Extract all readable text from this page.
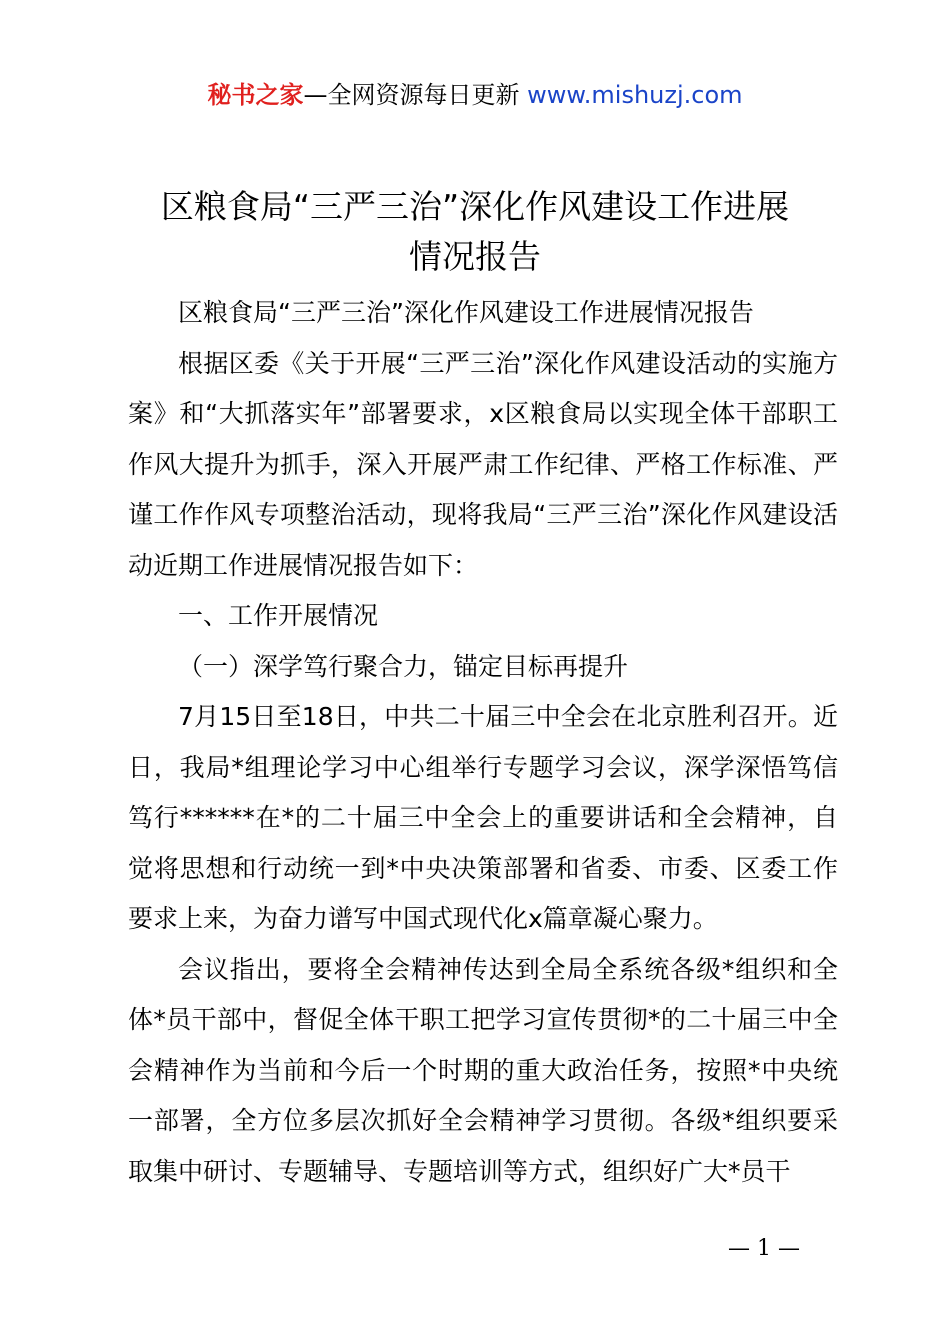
秘书之家—全网资源每日更新 www.mishuzj.com
区粮食局“三严三治”深化作风建设工作进展
情况报告

区粮食局“三严三治”深化作风建设工作进展情况报告

根据区委《关于开展“三严三治”深化作风建设活动的实施方案》和“大抓落实年”部署要求，x区粮食局以实现全体干部职工作风大提升为抓手，深入开展严肃工作纪律、严格工作标准、严谨工作作风专项整治活动，现将我局“三严三治”深化作风建设活动近期工作进展情况报告如下：

一、工作开展情况

（一）深学笃行聚合力，锚定目标再提升

7月15日至18日，中共二十届三中全会在北京胜利召开。近日，我局*组理论学习中心组举行专题学习会议，深学深悟笃信笃行******在*的二十届三中全会上的重要讲话和全会精神，自觉将思想和行动统一到*中央决策部署和省委、市委、区委工作要求上来，为奋力谱写中国式现代化x篇章凝心聚力。

会议指出，要将全会精神传达到全局全系统各级*组织和全体*员干部中，督促全体干职工把学习宣传贯彻*的二十届三中全会精神作为当前和今后一个时期的重大政治任务，按照*中央统一部署，全方位多层次抓好全会精神学习贯彻。各级*组织要采取集中研讨、专题辅导、专题培训等方式，组织好广大*员干

— 1 —
